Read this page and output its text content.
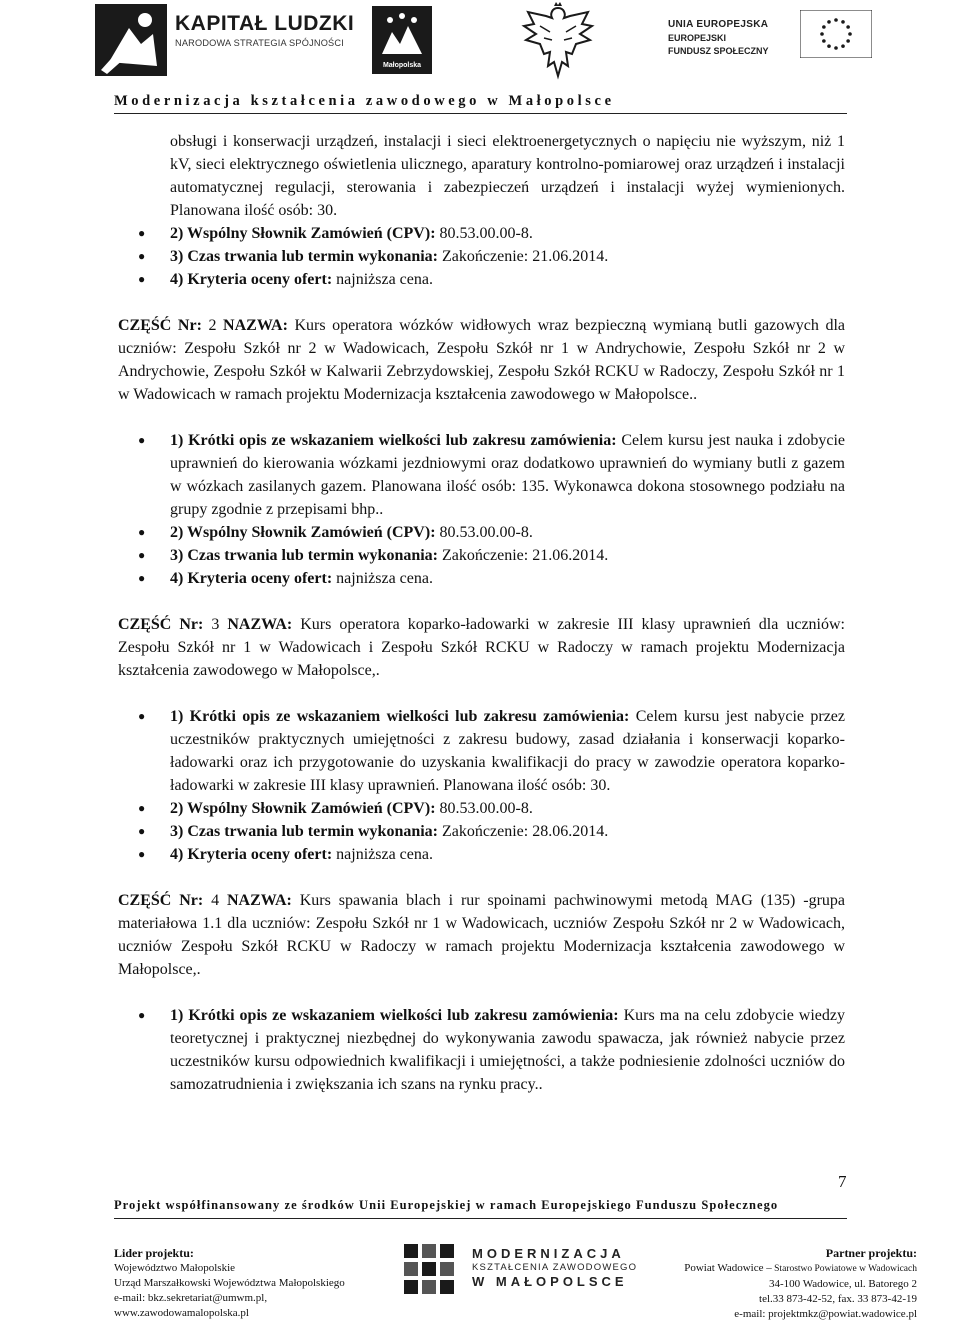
KAPITAŁ LUDZKI
NARODOWA STRATEGIA SPÓJNOŚCI
Małopolska
UNIA EUROPEJSKA
EUROPEJSKI
FUNDUSZ SPOŁECZNY
Modernizacja kształcenia zawodowego w Małopolsce

obsługi i konserwacji urządzeń, instalacji i sieci elektroenergetycznych o napięciu nie wyższym, niż 1 kV, sieci elektrycznego oświetlenia ulicznego, aparatury kontrolno-pomiarowej oraz urządzeń i instalacji automatycznej regulacji, sterowania i zabezpieczeń urządzeń i instalacji wyżej wymienionych. Planowana ilość osób: 30.

● 2) Wspólny Słownik Zamówień (CPV): 80.53.00.00-8.
● 3) Czas trwania lub termin wykonania: Zakończenie: 21.06.2014.
● 4) Kryteria oceny ofert: najniższa cena.

CZĘŚĆ Nr: 2 NAZWA: Kurs operatora wózków widłowych wraz bezpieczną wymianą butli gazowych dla uczniów: Zespołu Szkół nr 2 w Wadowicach, Zespołu Szkół nr 1 w Andrychowie, Zespołu Szkół nr 2 w Andrychowie, Zespołu Szkół w Kalwarii Zebrzydowskiej, Zespołu Szkół RCKU w Radoczy, Zespołu Szkół nr 1 w Wadowicach w ramach projektu Modernizacja kształcenia zawodowego w Małopolsce..

● 1) Krótki opis ze wskazaniem wielkości lub zakresu zamówienia: Celem kursu jest nauka i zdobycie uprawnień do kierowania wózkami jezdniowymi oraz dodatkowo uprawnień do wymiany butli z gazem w wózkach zasilanych gazem. Planowana ilość osób: 135. Wykonawca dokona stosownego podziału na grupy zgodnie z przepisami bhp..
● 2) Wspólny Słownik Zamówień (CPV): 80.53.00.00-8.
● 3) Czas trwania lub termin wykonania: Zakończenie: 21.06.2014.
● 4) Kryteria oceny ofert: najniższa cena.

CZĘŚĆ Nr: 3 NAZWA: Kurs operatora koparko-ładowarki w zakresie III klasy uprawnień dla uczniów: Zespołu Szkół nr 1 w Wadowicach i Zespołu Szkół RCKU w Radoczy w ramach projektu Modernizacja kształcenia zawodowego w Małopolsce,.

● 1) Krótki opis ze wskazaniem wielkości lub zakresu zamówienia: Celem kursu jest nabycie przez uczestników praktycznych umiejętności z zakresu budowy, zasad działania i konserwacji koparko-ładowarki oraz ich przygotowanie do uzyskania kwalifikacji do pracy w zawodzie operatora koparko-ładowarki w zakresie III klasy uprawnień. Planowana ilość osób: 30.
● 2) Wspólny Słownik Zamówień (CPV): 80.53.00.00-8.
● 3) Czas trwania lub termin wykonania: Zakończenie: 28.06.2014.
● 4) Kryteria oceny ofert: najniższa cena.

CZĘŚĆ Nr: 4 NAZWA: Kurs spawania blach i rur spoinami pachwinowymi metodą MAG (135) -grupa materiałowa 1.1 dla uczniów: Zespołu Szkół nr 1 w Wadowicach, uczniów Zespołu Szkół nr 2 w Wadowicach, uczniów Zespołu Szkół RCKU w Radoczy w ramach projektu Modernizacja kształcenia zawodowego w Małopolsce,.

● 1) Krótki opis ze wskazaniem wielkości lub zakresu zamówienia: Kurs ma na celu zdobycie wiedzy teoretycznej i praktycznej niezbędnej do wykonywania zawodu spawacza, jak również nabycie przez uczestników kursu odpowiednich kwalifikacji i umiejętności, a także podniesienie zdolności uczniów do samozatrudnienia i zwiększania ich szans na rynku pracy..
7
Projekt współfinansowany ze środków Unii Europejskiej w ramach Europejskiego Funduszu Społecznego
Lider projektu:
Województwo Małopolskie
Urząd Marszałkowski Województwa Małopolskiego
e-mail: bkz.sekretariat@umwm.pl, www.zawodowamalopolska.pl
MODERNIZACJA
KSZTAŁCENIA ZAWODOWEGO
W MAŁOPOLSCE
Partner projektu:
Powiat Wadowice – Starostwo Powiatowe w Wadowicach
34-100 Wadowice, ul. Batorego 2
tel.33 873-42-52, fax. 33 873-42-19
e-mail: projektmkz@powiat.wadowice.pl
